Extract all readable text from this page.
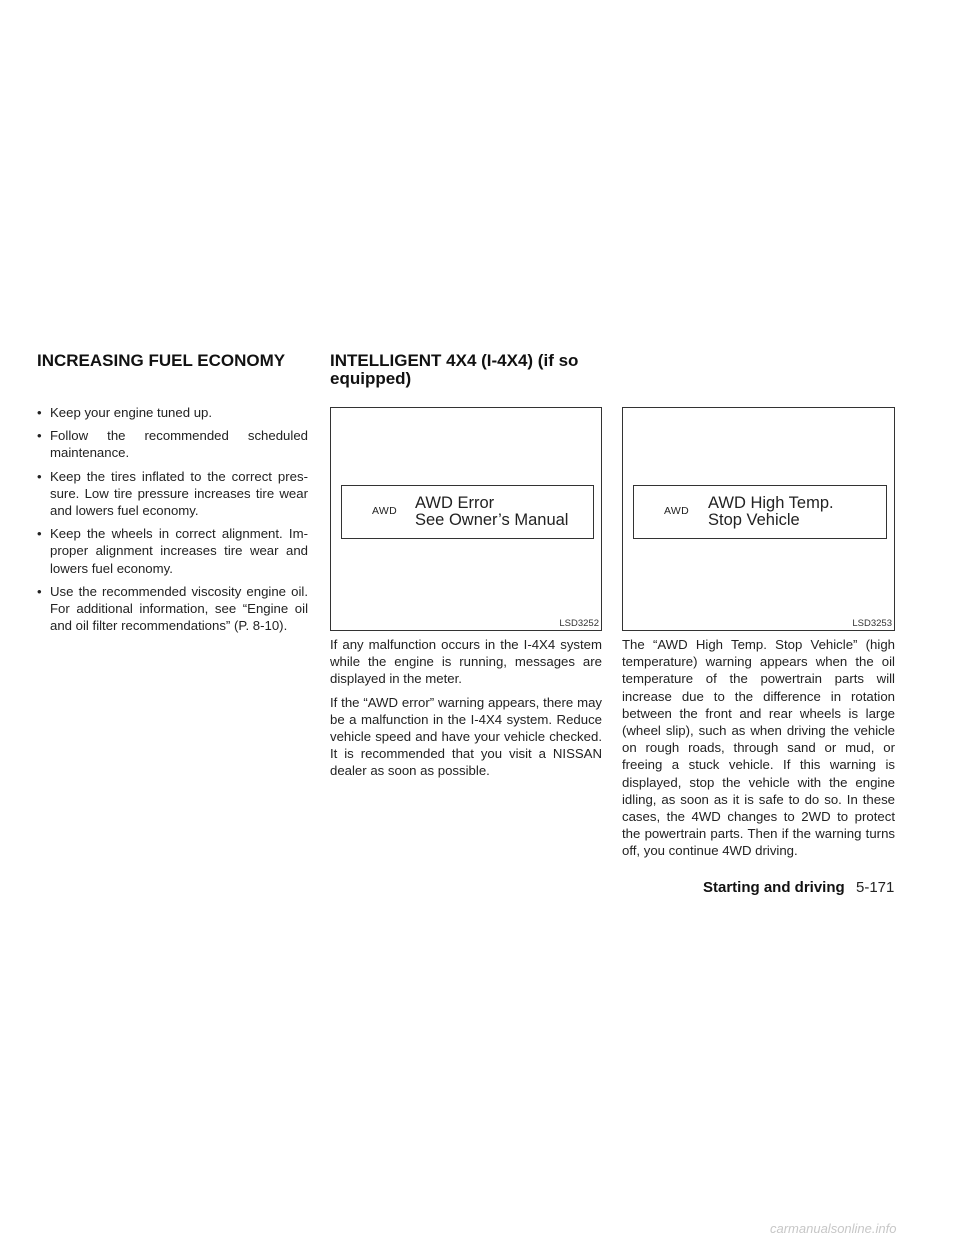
INCREASING FUEL ECONOMY	INTELLIGENT 4X4 (I-4X4) (if so
equipped)
• Keep your engine tuned up.
• Follow the recommended scheduled maintenance.
• Keep the tires inflated to the correct pressure. Low tire pressure increases tire wear and lowers fuel economy.
• Keep the wheels in correct alignment. Improper alignment increases tire wear and lowers fuel economy.
• Use the recommended viscosity engine oil. For additional information, see “Engine oil and oil filter recommendations” (P. 8-10).
AWD AWD Error
See Owner’s Manual
LSD3252
AWD AWD High Temp.
Stop Vehicle
LSD3253

If any malfunction occurs in the I-4X4 system while the engine is running, messages are displayed in the meter.

If the “AWD error” warning appears, there may be a malfunction in the I-4X4 system. Reduce vehicle speed and have your vehicle checked. It is recommended that you visit a NISSAN dealer as soon as possible.

The “AWD High Temp. Stop Vehicle” (high temperature) warning appears when the oil temperature of the powertrain parts will increase due to the difference in rotation between the front and rear wheels is large (wheel slip), such as when driving the vehicle on rough roads, through sand or mud, or freeing a stuck vehicle. If this warning is displayed, stop the vehicle with the engine idling, as soon as it is safe to do so. In these cases, the 4WD changes to 2WD to protect the powertrain parts. Then if the warning turns off, you continue 4WD driving.

Starting and driving 5-171
carmanualsonline.info
